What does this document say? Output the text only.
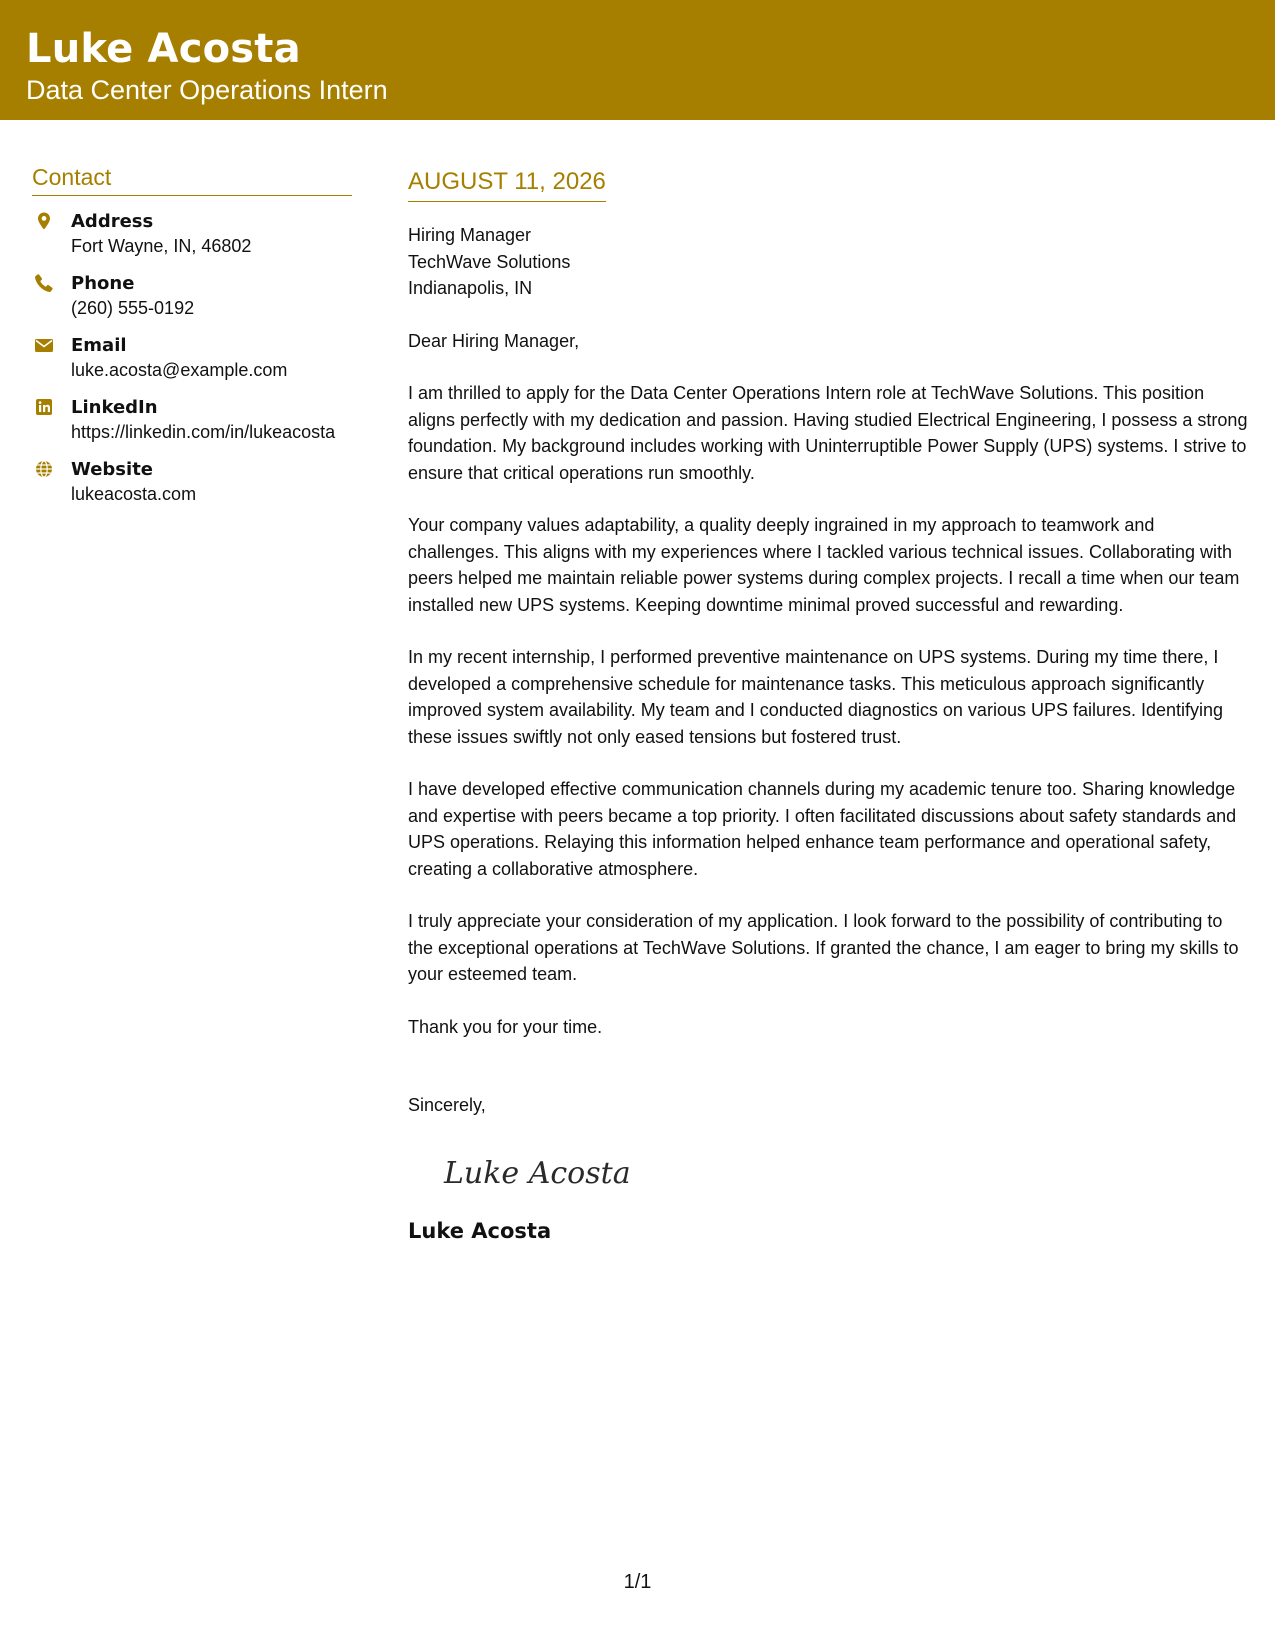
Luke Acosta
Data Center Operations Intern
Contact
Address
Fort Wayne, IN, 46802
Phone
(260) 555-0192
Email
luke.acosta@example.com
LinkedIn
https://linkedin.com/in/lukeacosta
Website
lukeacosta.com
AUGUST 11, 2026
Hiring Manager
TechWave Solutions
Indianapolis, IN
Dear Hiring Manager,

I am thrilled to apply for the Data Center Operations Intern role at TechWave Solutions. This position aligns perfectly with my dedication and passion. Having studied Electrical Engineering, I possess a strong foundation. My background includes working with Uninterruptible Power Supply (UPS) systems. I strive to ensure that critical operations run smoothly.

Your company values adaptability, a quality deeply ingrained in my approach to teamwork and challenges. This aligns with my experiences where I tackled various technical issues. Collaborating with peers helped me maintain reliable power systems during complex projects. I recall a time when our team installed new UPS systems. Keeping downtime minimal proved successful and rewarding.

In my recent internship, I performed preventive maintenance on UPS systems. During my time there, I developed a comprehensive schedule for maintenance tasks. This meticulous approach significantly improved system availability. My team and I conducted diagnostics on various UPS failures. Identifying these issues swiftly not only eased tensions but fostered trust.

I have developed effective communication channels during my academic tenure too. Sharing knowledge and expertise with peers became a top priority. I often facilitated discussions about safety standards and UPS operations. Relaying this information helped enhance team performance and operational safety, creating a collaborative atmosphere.

I truly appreciate your consideration of my application. I look forward to the possibility of contributing to the exceptional operations at TechWave Solutions. If granted the chance, I am eager to bring my skills to your esteemed team.

Thank you for your time.
Sincerely,
Luke Acosta
Luke Acosta
1/1
